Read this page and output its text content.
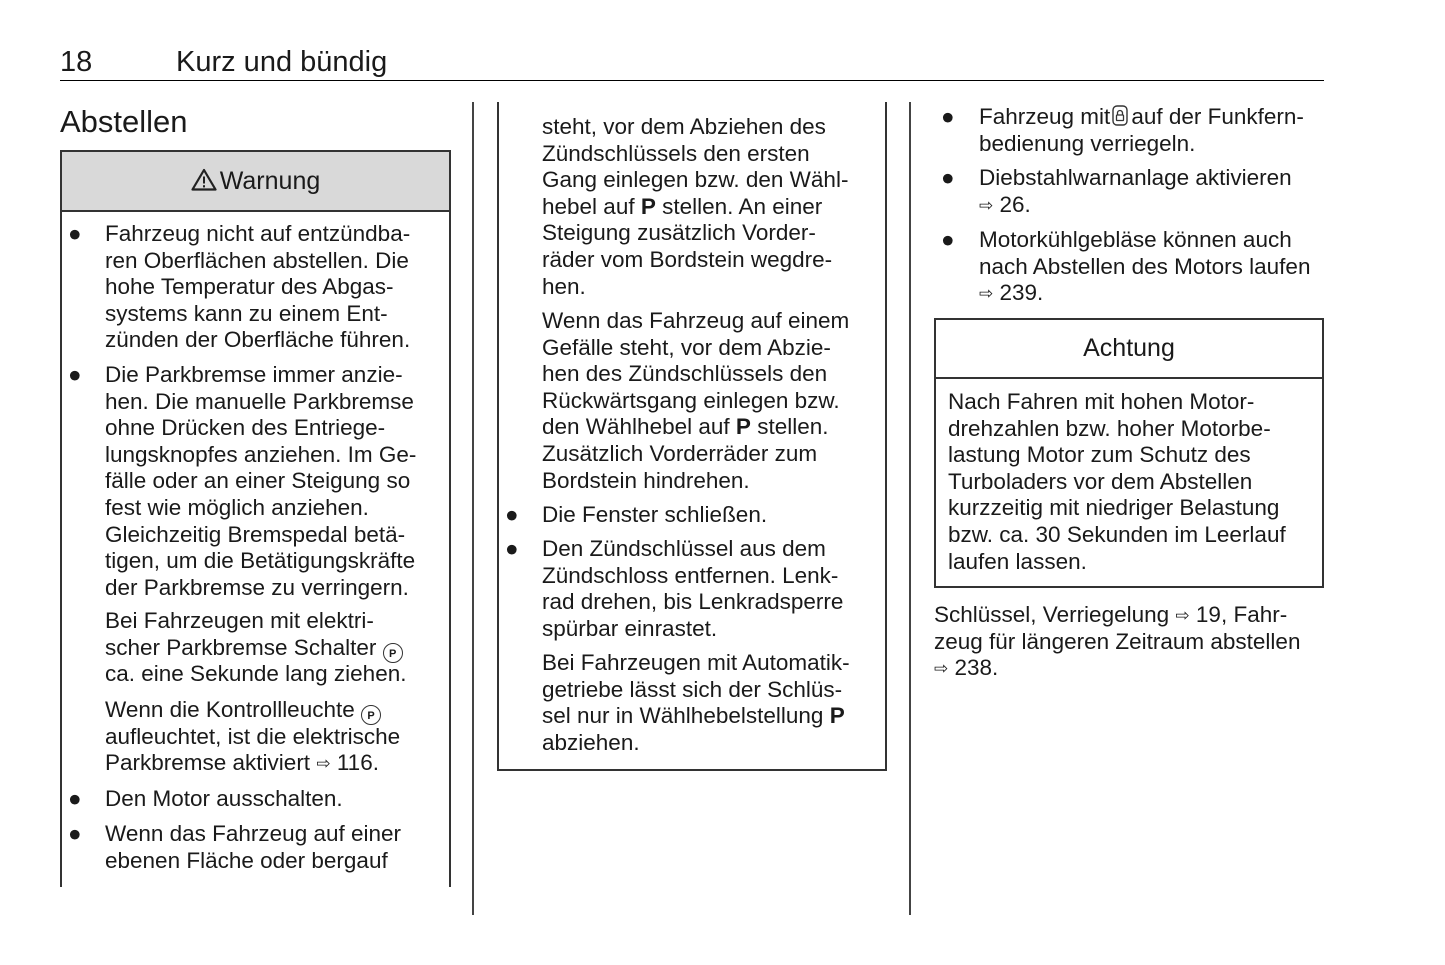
18	Kurz und bündig
Abstellen
Warnung
● Fahrzeug nicht auf entzündba-

ren Oberflächen abstellen. Die

hohe Temperatur des Abgas-

systems kann zu einem Ent-

zünden der Oberfläche führen.

● Die Parkbremse immer anzie-

hen. Die manuelle Parkbremse

ohne Drücken des Entriege-

lungsknopfes anziehen. Im Ge-

fälle oder an einer Steigung so

fest wie möglich anziehen.

Gleichzeitig Bremspedal betä-

tigen, um die Betätigungskräfte

der Parkbremse zu verringern.

Bei Fahrzeugen mit elektri-

scher Parkbremse Schalter P

ca. eine Sekunde lang ziehen.

Wenn die Kontrollleuchte P

aufleuchtet, ist die elektrische

Parkbremse aktiviert ⇨ 116.

● Den Motor ausschalten.

● Wenn das Fahrzeug auf einer

ebenen Fläche oder bergauf

steht, vor dem Abziehen des

Zündschlüssels den ersten

Gang einlegen bzw. den Wähl-

hebel auf P stellen. An einer

Steigung zusätzlich Vorder-

räder vom Bordstein wegdre-

hen.

Wenn das Fahrzeug auf einem

Gefälle steht, vor dem Abzie-

hen des Zündschlüssels den

Rückwärtsgang einlegen bzw.

den Wählhebel auf P stellen.

Zusätzlich Vorderräder zum

Bordstein hindrehen.

● Die Fenster schließen.

● Den Zündschlüssel aus dem

Zündschloss entfernen. Lenk-

rad drehen, bis Lenkradsperre

spürbar einrastet.

Bei Fahrzeugen mit Automatik-

getriebe lässt sich der Schlüs-

sel nur in Wählhebelstellung P

abziehen.

● Fahrzeug mit auf der Funkfern-

bedienung verriegeln.

● Diebstahlwarnanlage aktivieren

⇨ 26.

● Motorkühlgebläse können auch

nach Abstellen des Motors laufen

⇨ 239.

Achtung

Nach Fahren mit hohen Motor-

drehzahlen bzw. hoher Motorbe-

lastung Motor zum Schutz des

Turboladers vor dem Abstellen

kurzzeitig mit niedriger Belastung

bzw. ca. 30 Sekunden im Leerlauf

laufen lassen.

Schlüssel, Verriegelung ⇨ 19, Fahr-

zeug für längeren Zeitraum abstellen

⇨ 238.
